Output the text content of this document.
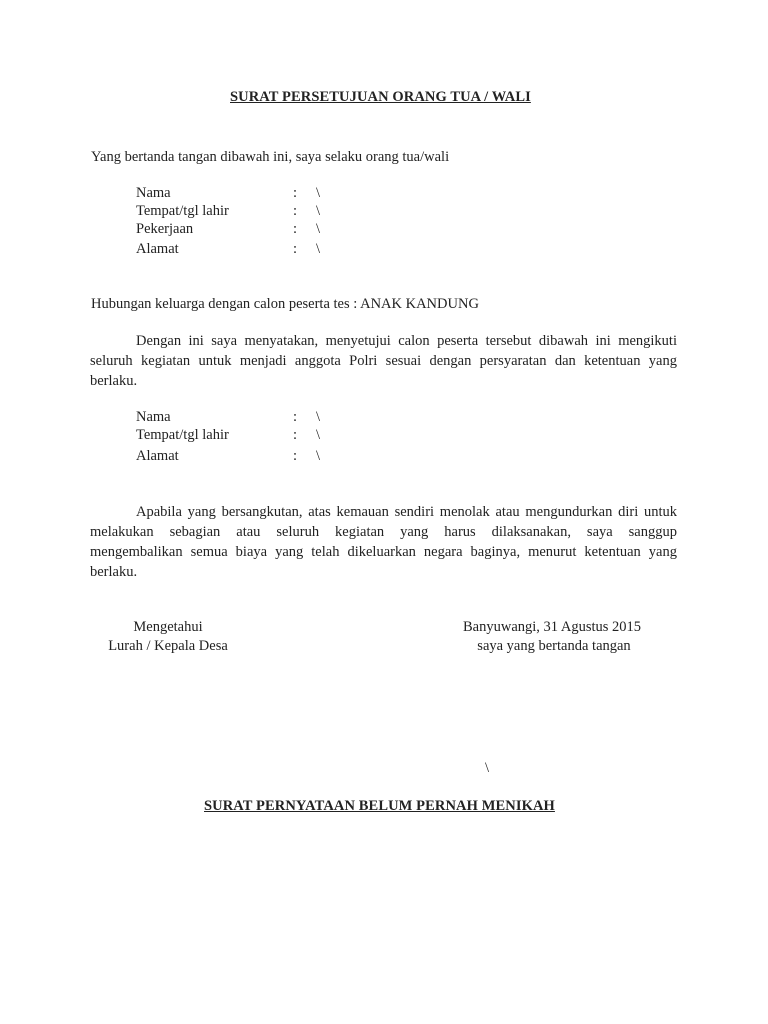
SURAT PERSETUJUAN ORANG TUA / WALI
Yang bertanda tangan dibawah ini, saya selaku orang tua/wali
Nama	: \
Tempat/tgl lahir	: \
Pekerjaan	: \
Alamat	: \
Hubungan keluarga dengan calon peserta tes : ANAK KANDUNG
Dengan ini saya menyatakan, menyetujui calon peserta tersebut dibawah ini mengikuti
seluruh kegiatan untuk menjadi anggota Polri sesuai dengan persyaratan dan ketentuan yang
berlaku.
Nama	: \
Tempat/tgl lahir	: \
Alamat	: \
Apabila yang bersangkutan, atas kemauan sendiri menolak atau mengundurkan diri untuk
melakukan sebagian atau seluruh kegiatan yang harus dilaksanakan, saya sanggup
mengembalikan semua biaya yang telah dikeluarkan negara baginya, menurut ketentuan yang
berlaku.
Mengetahui
Lurah / Kepala Desa
Banyuwangi, 31 Agustus 2015
saya yang bertanda tangan
\
SURAT PERNYATAAN BELUM PERNAH MENIKAH
